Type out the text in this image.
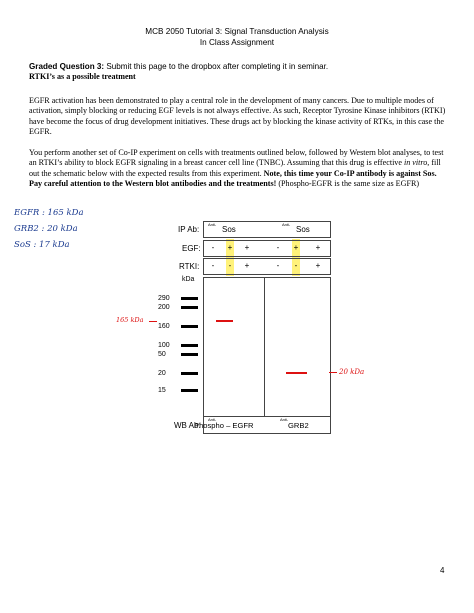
MCB 2050 Tutorial 3: Signal Transduction Analysis
In Class Assignment
Graded Question 3: Submit this page to the dropbox after completing it in seminar.
RTKI’s as a possible treatment
EGFR activation has been demonstrated to play a central role in the development of many cancers. Due to multiple modes of activation, simply blocking or reducing EGF levels is not always effective. As such, Receptor Tyrosine Kinase inhibitors (RTKI) have become the focus of drug development initiatives. These drugs act by blocking the kinase activity of RTKs, in this case the EGFR.
You perform another set of Co-IP experiment on cells with treatments outlined below, followed by Western blot analyses, to test an RTKI’s ability to block EGFR signaling in a breast cancer cell line (TNBC). Assuming that this drug is effective in vitro, fill out the schematic below with the expected results from this experiment. Note, this time your Co-IP antibody is against Sos. Pay careful attention to the Western blot antibodies and the treatments! (Phospho-EGFR is the same size as EGFR)
EGFR : 165 kDa
GRB2 : 20 kDa
SoS : 17 kDa
IP Ab:
Anti-
Sos
Anti-
Sos
EGF:	-	+	+	-	+	+
RTKI:	-	-	+	-	-	+
kDa
290
200
160
100
50
20
15
165 kDa
20 kDa
WB Ab:
Anti-
Phospho – EGFR
Anti-
GRB2
4
